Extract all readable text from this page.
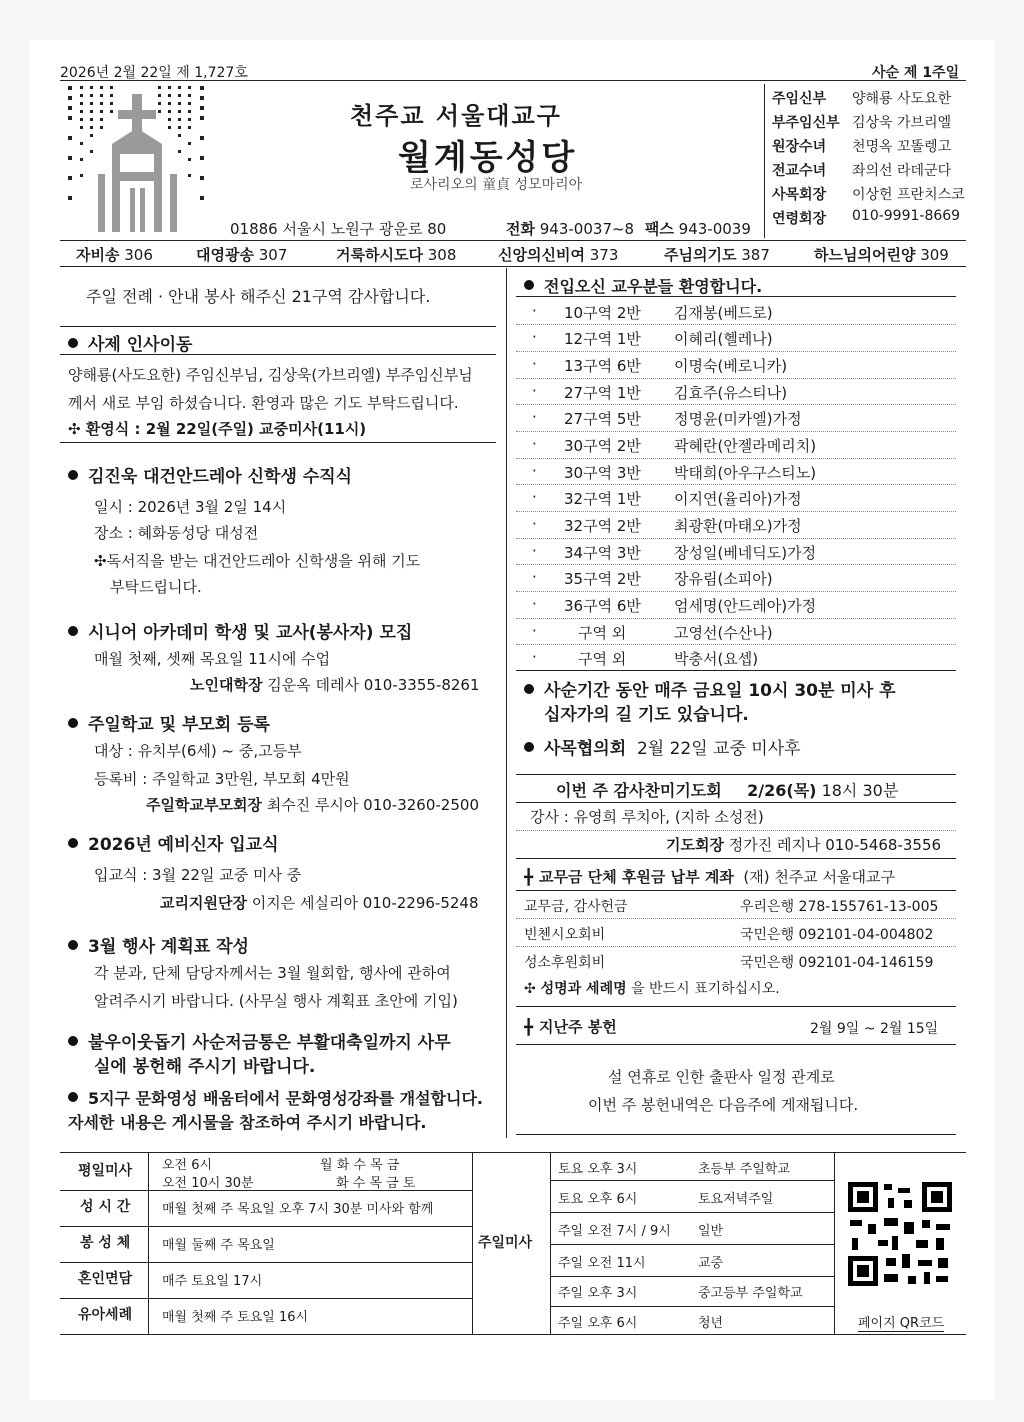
2026년 2월 22일 제 1,727호	사순 제 1주일
천주교 서울대교구
월계동성당
로사리오의 童貞 성모마리아
01886 서울시 노원구 광운로 80	전화 943-0037~8 팩스 943-0039
주임신부 양해룡 사도요한
부주임신부 김상욱 가브리엘
원장수녀 천명옥 꼬똘렝고
전교수녀 좌의선 라데군다
사목회장 이상헌 프란치스코
연령회장 010-9991-8669
자비송 306	대영광송 307	거룩하시도다 308	신앙의신비여 373	주님의기도 387	하느님의어린양 309
주일 전례 · 안내 봉사 해주신 21구역 감사합니다.
사제 인사이동
양해룡(사도요한) 주임신부님, 김상욱(가브리엘) 부주임신부님
께서 새로 부임 하셨습니다. 환영과 많은 기도 부탁드립니다.
✣ 환영식 : 2월 22일(주일) 교중미사(11시)
김진욱 대건안드레아 신학생 수직식
일시 : 2026년 3월 2일 14시
장소 : 혜화동성당 대성전
✣독서직을 받는 대건안드레아 신학생을 위해 기도
부탁드립니다.
시니어 아카데미 학생 및 교사(봉사자) 모집
매월 첫째, 셋째 목요일 11시에 수업
노인대학장 김운옥 데레사 010-3355-8261
주일학교 및 부모회 등록
대상 : 유치부(6세) ~ 중,고등부
등록비 : 주일학교 3만원, 부모회 4만원
주일학교부모회장 최수진 루시아 010-3260-2500
2026년 예비신자 입교식
입교식 : 3월 22일 교중 미사 중
교리지원단장 이지은 세실리아 010-2296-5248
3월 행사 계획표 작성
각 분과, 단체 담당자께서는 3월 월회합, 행사에 관하여
알려주시기 바랍니다. (사무실 행사 계획표 초안에 기입)
불우이웃돕기 사순저금통은 부활대축일까지 사무
실에 봉헌해 주시기 바랍니다.
5지구 문화영성 배움터에서 문화영성강좌를 개설합니다.
자세한 내용은 게시물을 참조하여 주시기 바랍니다.
전입오신 교우분들 환영합니다.
· 10구역 2반 김재봉(베드로)
· 12구역 1반 이혜리(헬레나)
· 13구역 6반 이명숙(베로니카)
· 27구역 1반 김효주(유스티나)
· 27구역 5반 정명윤(미카엘)가정
· 30구역 2반 곽혜란(안젤라메리치)
· 30구역 3반 박태희(아우구스티노)
· 32구역 1반 이지연(율리아)가정
· 32구역 2반 최광환(마태오)가정
· 34구역 3반 장성일(베네딕도)가정
· 35구역 2반 장유림(소피아)
· 36구역 6반 엄세명(안드레아)가정
·	구역 외	고영선(수산나)
·	구역 외	박충서(요셉)
사순기간 동안 매주 금요일 10시 30분 미사 후
십자가의 길 기도 있습니다.
사목협의회 2월 22일 교중 미사후
이번 주 감사찬미기도회 2/26(목) 18시 30분
강사 : 유영희 루치아, (지하 소성전)
기도회장 정가진 레지나 010-5468-3556
╋ 교무금 단체 후원금 납부 계좌 (재) 천주교 서울대교구
교무금, 감사헌금	우리은행 278-155761-13-005
빈첸시오회비	국민은행 092101-04-004802
성소후원회비	국민은행 092101-04-146159
✣ 성명과 세례명 을 반드시 표기하십시오.
╋ 지난주 봉헌	2월 9일 ~ 2월 15일
설 연휴로 인한 출판사 일정 관계로
이번 주 봉헌내역은 다음주에 게재됩니다.
평일미사 오전 6시	월 화 수 목 금
오전 10시 30분	화 수 목 금 토
성 시 간 매월 첫째 주 목요일 오후 7시 30분 미사와 함께
봉 성 체 매월 둘째 주 목요일
혼인면담 매주 토요일 17시
유아세례 매월 첫째 주 토요일 16시
주일미사
토요 오후 3시	초등부 주일학교
토요 오후 6시	토요저녁주일
주일 오전 7시 / 9시 일반
주일 오전 11시	교중
주일 오후 3시	중고등부 주일학교
주일 오후 6시	청년	페이지 QR코드
